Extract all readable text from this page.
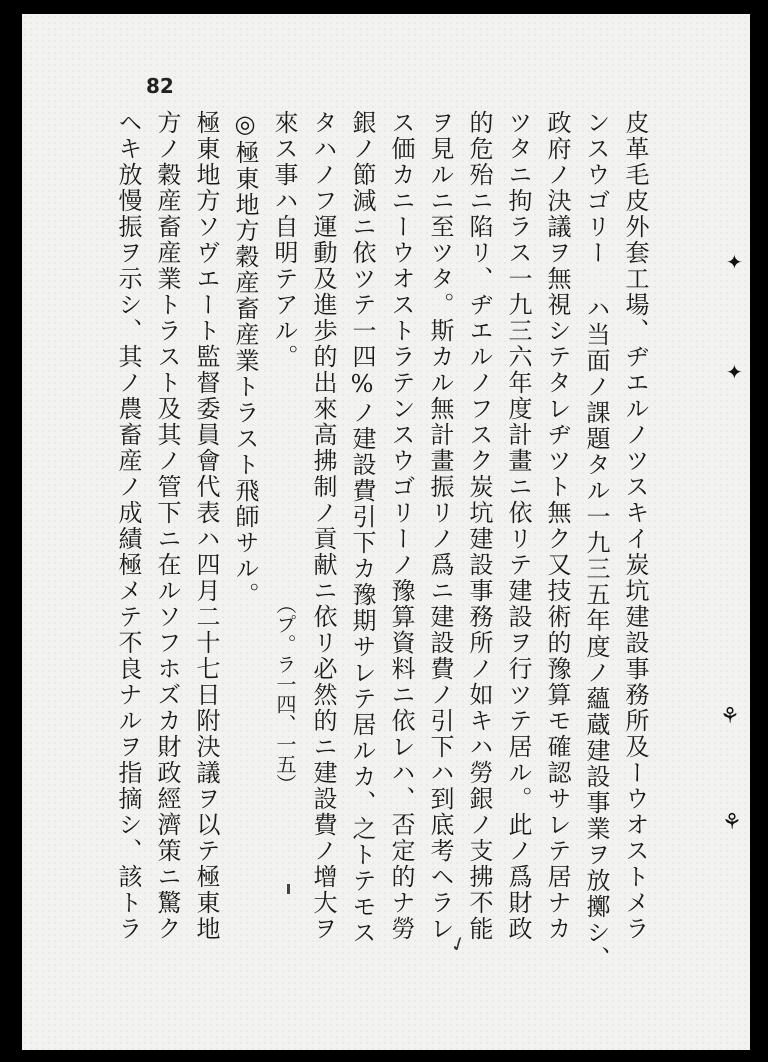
82
皮革毛皮外套工場、ヂエルノツスキイ炭坑建設事務所及ーウオストメラ
ンスウゴリー ハ当面ノ課題タル一九三五年度ノ蘊蔵建設事業ヲ放擲シ、
政府ノ決議ヲ無視シテタレヂツト無ク又技術的豫算モ確認サレテ居ナカ
ツタニ拘ラス一九三六年度計畫ニ依リテ建設ヲ行ツテ居ル。此ノ爲財政
的危殆ニ陷リ、ヂエルノフスク炭坑建設事務所ノ如キハ勞銀ノ支拂不能
ヲ見ルニ至ツタ。斯カル無計畫振リノ爲ニ建設費ノ引下ハ到底考ヘラレ
ス価カニーウオストラテンスウゴリーノ豫算資料ニ依レハ、否定的ナ勞
銀ノ節減ニ依ツテ一四%ノ建設費引下カ豫期サレテ居ルカ、之トテモス
タハノフ運動及進歩的出來高拂制ノ貢献ニ依リ必然的ニ建設費ノ增大ヲ
來ス事ハ自明テアル。
◎極東地方穀産畜産業トラスト飛師サル。
極東地方ソヴエート監督委員會代表ハ四月二十七日附決議ヲ以テ極東地
方ノ穀産畜産業トラスト及其ノ管下ニ在ルソフホズカ財政經濟策ニ驚ク
ヘキ放慢振ヲ示シ、其ノ農畜産ノ成績極メテ不良ナルヲ指摘シ、該トラ	（プ。ラ一四、一五）
✦
✦
⚘
⚘
✓
